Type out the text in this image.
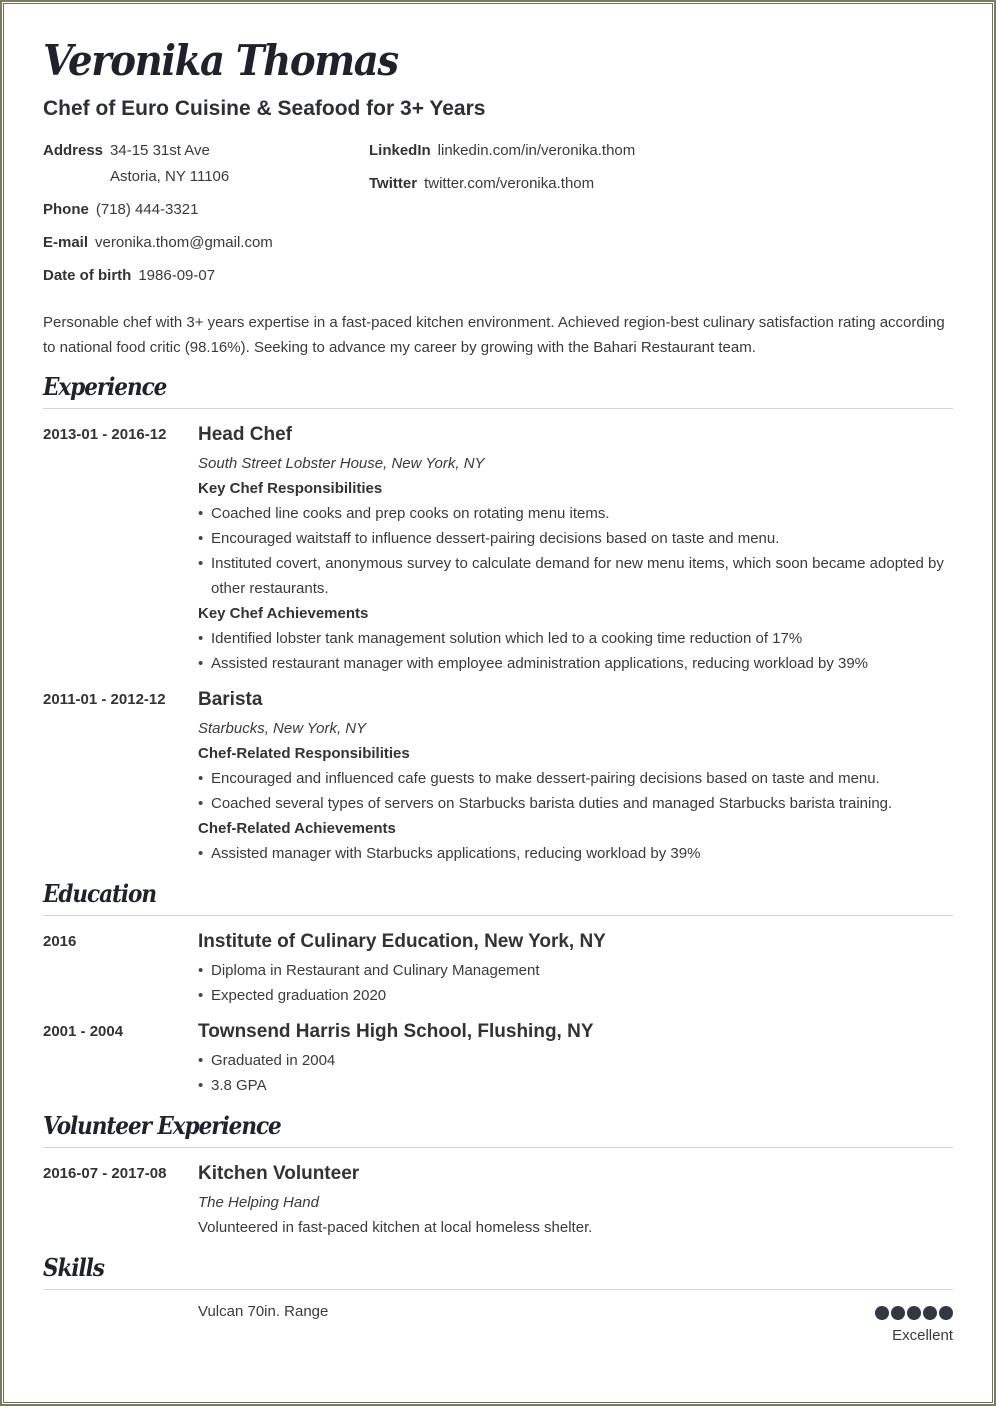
Veronika Thomas
Chef of Euro Cuisine & Seafood for 3+ Years
Address 34-15 31st Ave
Astoria, NY 11106
Phone (718) 444-3321
E-mail veronika.thom@gmail.com
Date of birth 1986-09-07
LinkedIn linkedin.com/in/veronika.thom
Twitter twitter.com/veronika.thom
Personable chef with 3+ years expertise in a fast-paced kitchen environment. Achieved region-best culinary satisfaction rating according to national food critic (98.16%). Seeking to advance my career by growing with the Bahari Restaurant team.
Experience
2013-01 - 2016-12 Head Chef
South Street Lobster House, New York, NY
Key Chef Responsibilities
• Coached line cooks and prep cooks on rotating menu items.
• Encouraged waitstaff to influence dessert-pairing decisions based on taste and menu.
• Instituted covert, anonymous survey to calculate demand for new menu items, which soon became adopted by other restaurants.
Key Chef Achievements
• Identified lobster tank management solution which led to a cooking time reduction of 17%
• Assisted restaurant manager with employee administration applications, reducing workload by 39%
2011-01 - 2012-12 Barista
Starbucks, New York, NY
Chef-Related Responsibilities
• Encouraged and influenced cafe guests to make dessert-pairing decisions based on taste and menu.
• Coached several types of servers on Starbucks barista duties and managed Starbucks barista training.
Chef-Related Achievements
• Assisted manager with Starbucks applications, reducing workload by 39%
Education
2016	Institute of Culinary Education, New York, NY
• Diploma in Restaurant and Culinary Management
• Expected graduation 2020
2001 - 2004	Townsend Harris High School, Flushing, NY
• Graduated in 2004
• 3.8 GPA
Volunteer Experience
2016-07 - 2017-08 Kitchen Volunteer
The Helping Hand
Volunteered in fast-paced kitchen at local homeless shelter.
Skills
Vulcan 70in. Range
Excellent
